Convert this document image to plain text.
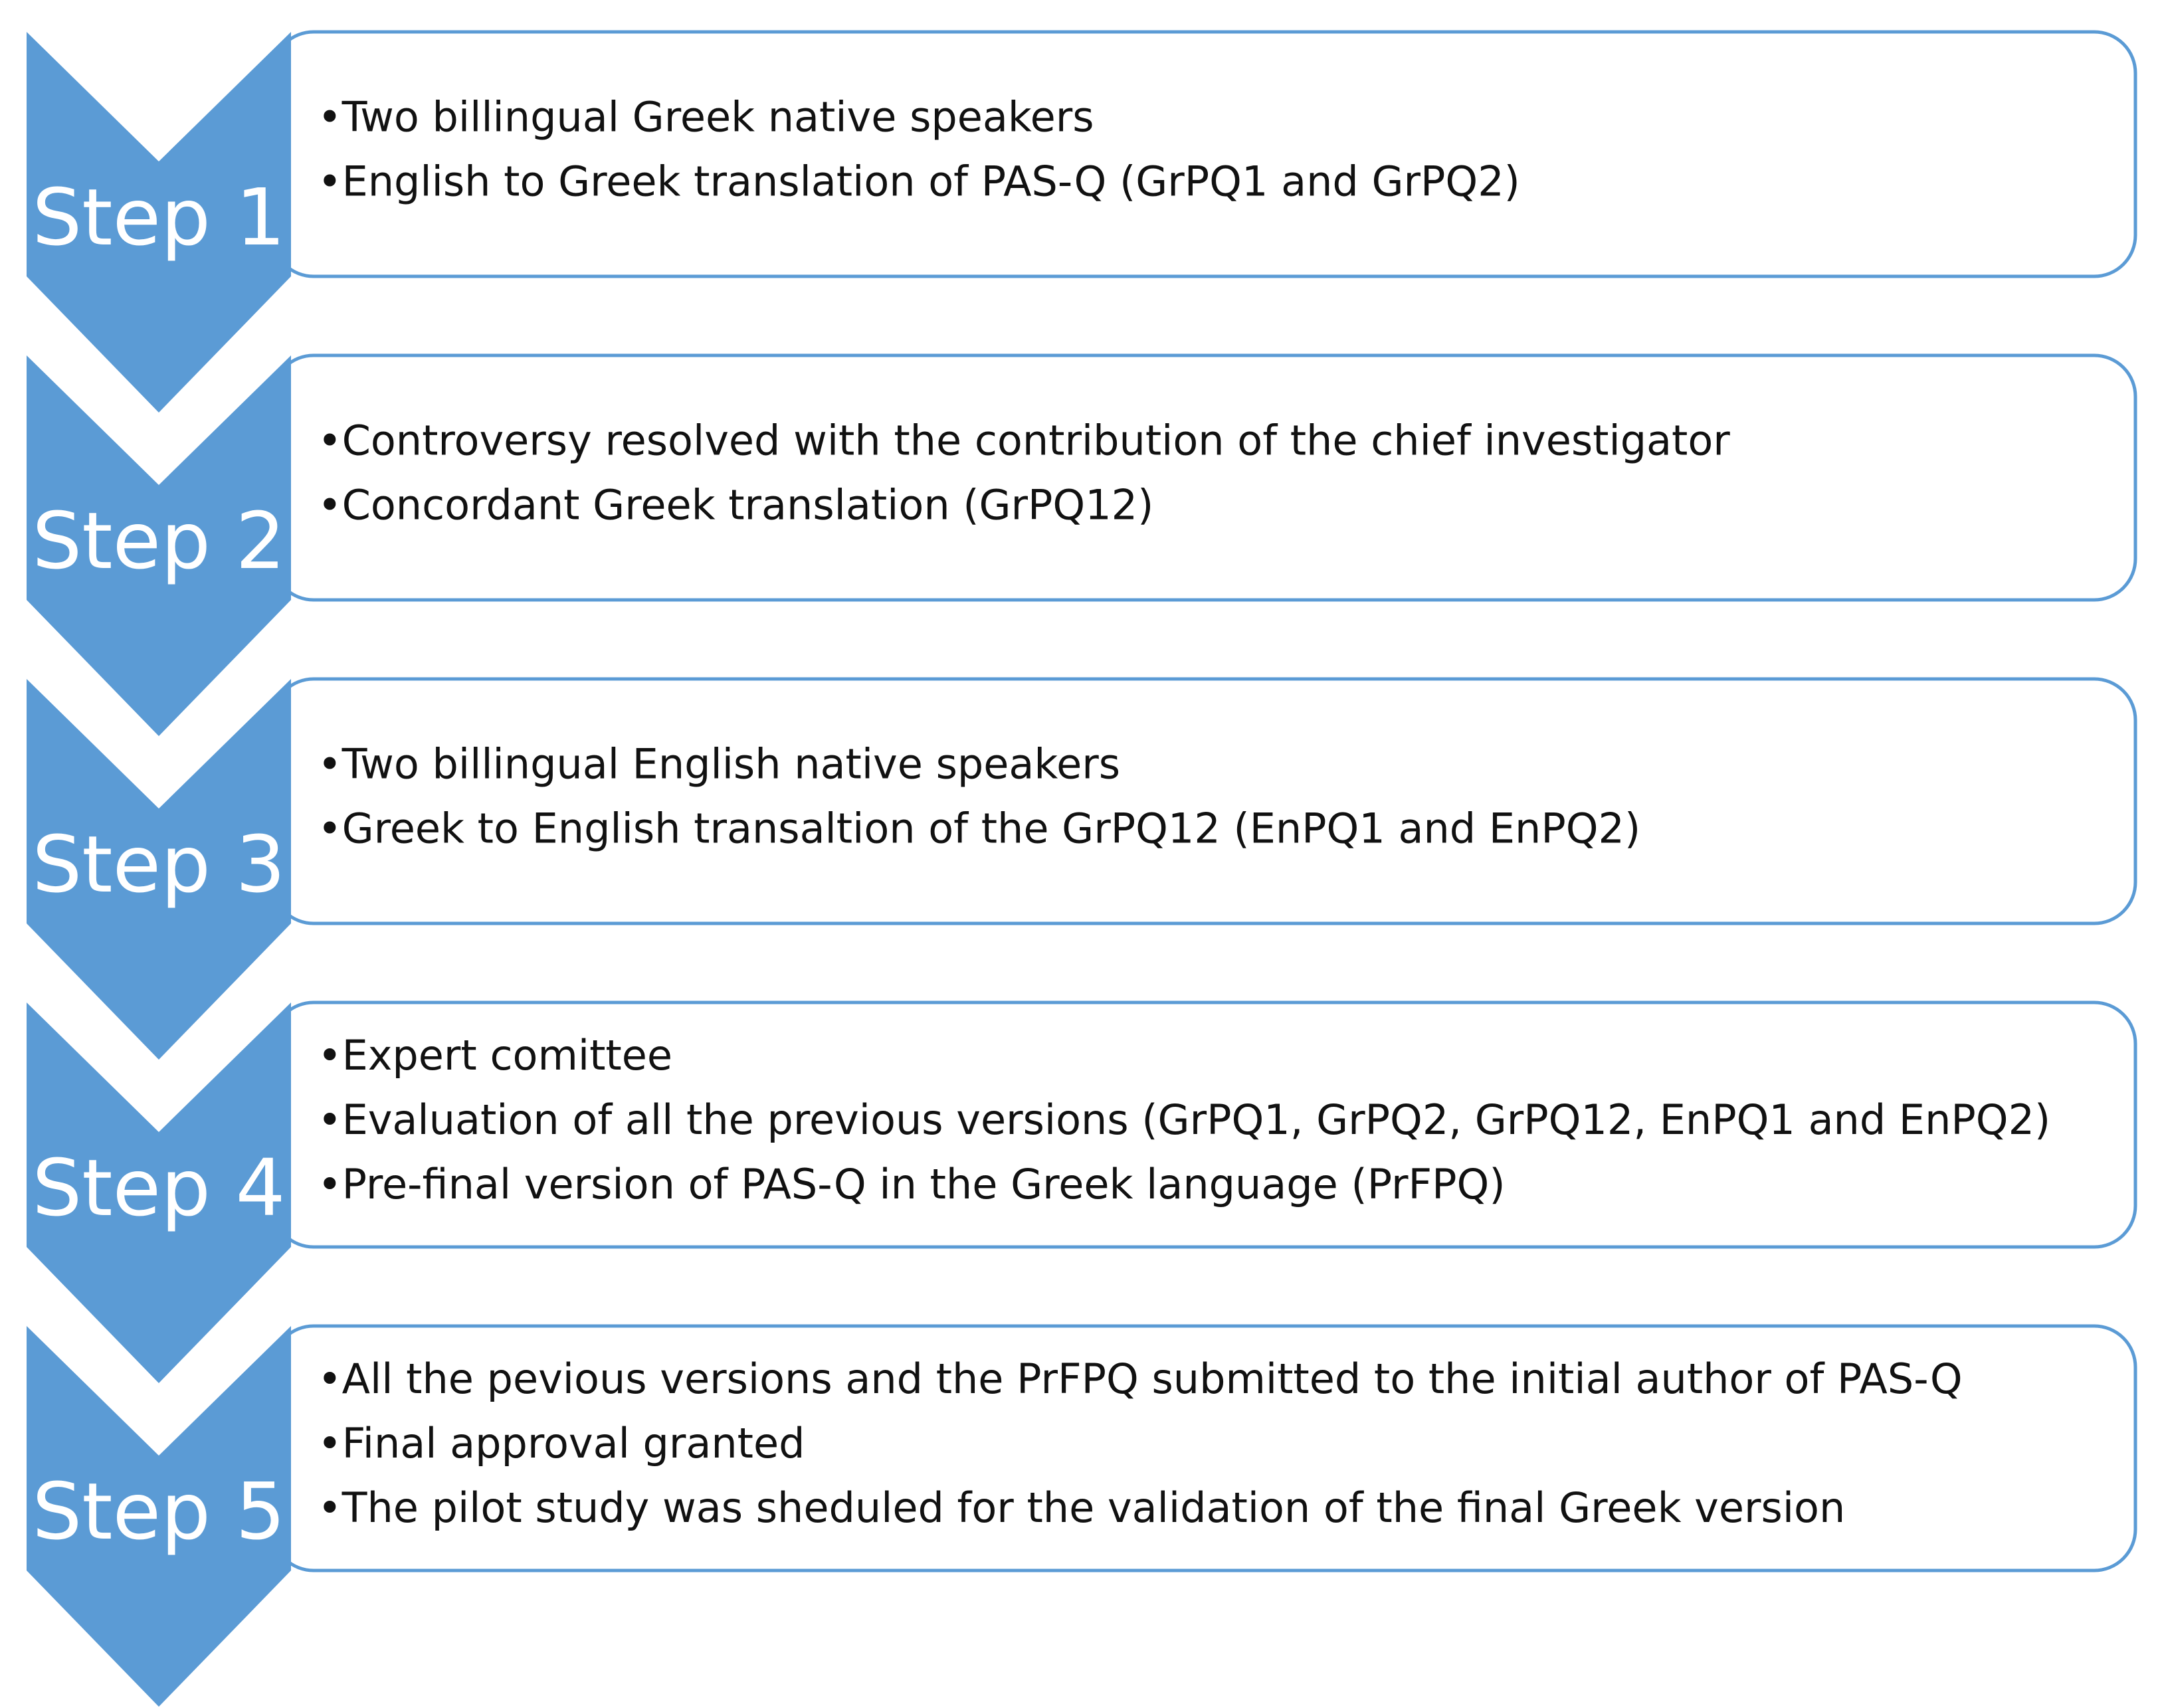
Step 1
•Two billingual Greek native speakers
•English to Greek translation of PAS-Q (GrPQ1 and GrPQ2)
Step 2
•Controversy resolved with the contribution of the chief investigator
•Concordant Greek translation (GrPQ12)
Step 3
•Two billingual English native speakers
•Greek to English transaltion of the GrPQ12 (EnPQ1 and EnPQ2)
Step 4
•Expert comittee
•Evaluation of all the previous versions (GrPQ1, GrPQ2, GrPQ12, EnPQ1 and EnPQ2)
•Pre-final version of PAS-Q in the Greek language (PrFPQ)
Step 5
•All the pevious versions and the PrFPQ submitted to the initial author of PAS-Q
•Final approval granted
•The pilot study was sheduled for the validation of the final Greek version
